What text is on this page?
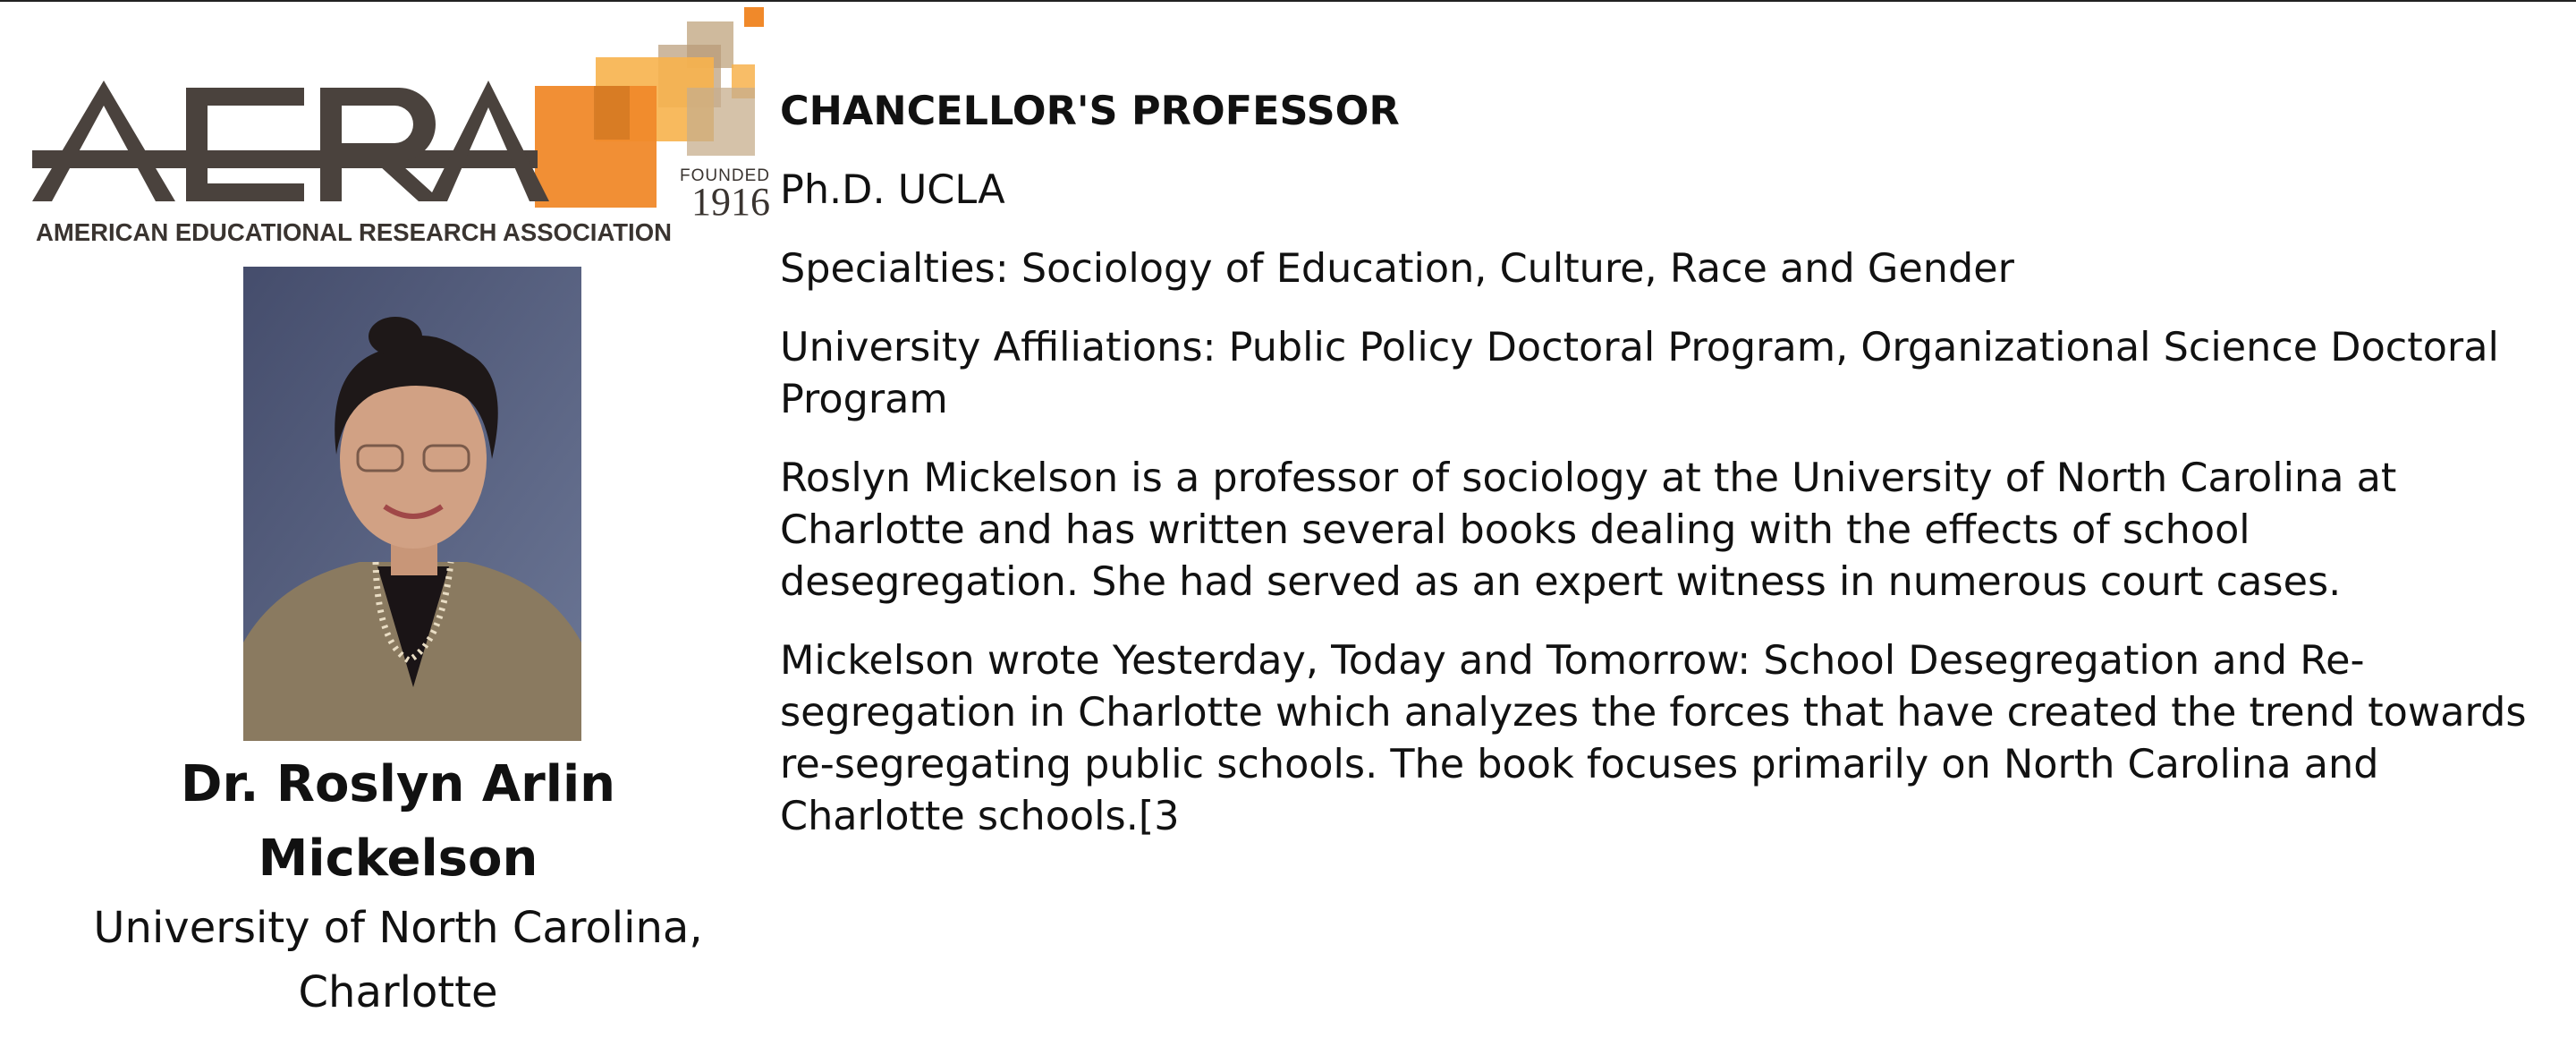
FOUNDED
1916
AMERICAN EDUCATIONAL RESEARCH ASSOCIATION
Dr. Roslyn Arlin Mickelson
University of North Carolina, Charlotte

CHANCELLOR'S PROFESSOR

Ph.D. UCLA

Specialties: Sociology of Education, Culture, Race and Gender

University Affiliations: Public Policy Doctoral Program, Organizational Science Doctoral Program

Roslyn Mickelson is a professor of sociology at the University of North Carolina at Charlotte and has written several books dealing with the effects of school desegregation. She had served as an expert witness in numerous court cases.

Mickelson wrote Yesterday, Today and Tomorrow: School Desegregation and Re-segregation in Charlotte which analyzes the forces that have created the trend towards re-segregating public schools. The book focuses primarily on North Carolina and Charlotte schools.[3
